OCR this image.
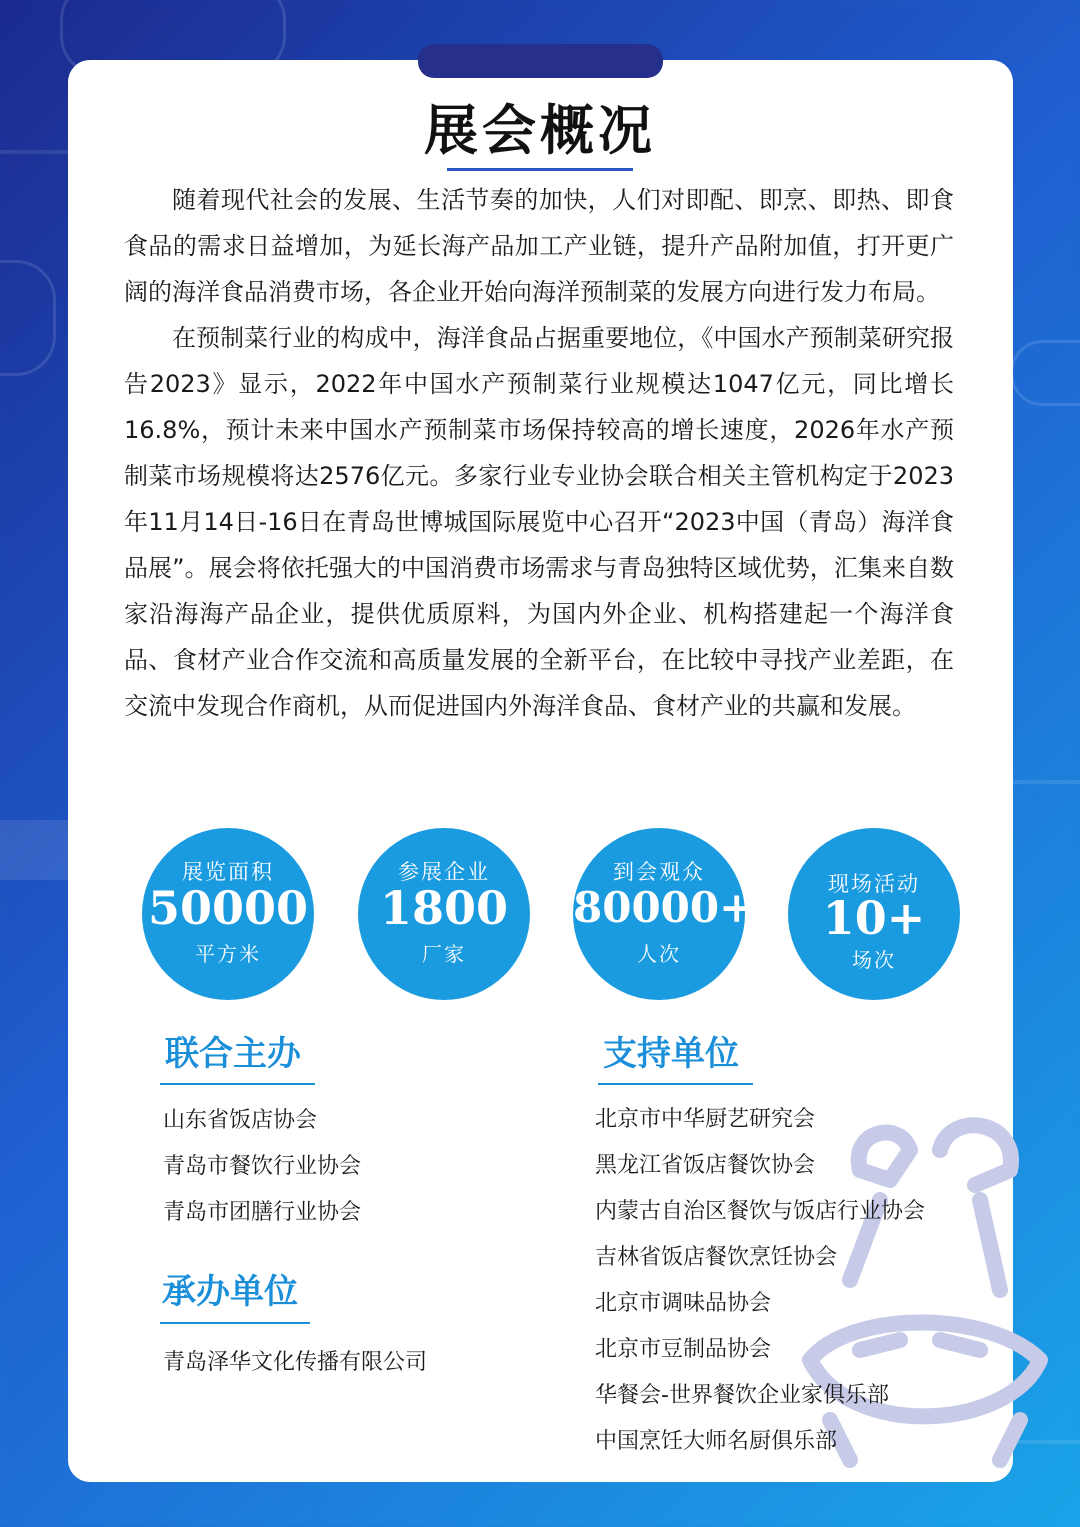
展会概况

随着现代社会的发展、生活节奏的加快，人们对即配、即烹、即热、即食食品的需求日益增加，为延长海产品加工产业链，提升产品附加值，打开更广阔的海洋食品消费市场，各企业开始向海洋预制菜的发展方向进行发力布局。

在预制菜行业的构成中，海洋食品占据重要地位，《中国水产预制菜研究报告2023》显示，2022年中国水产预制菜行业规模达1047亿元，同比增长16.8%，预计未来中国水产预制菜市场保持较高的增长速度，2026年水产预制菜市场规模将达2576亿元。多家行业专业协会联合相关主管机构定于2023年11月14日-16日在青岛世博城国际展览中心召开“2023中国（青岛）海洋食品展”。展会将依托强大的中国消费市场需求与青岛独特区域优势，汇集来自数家沿海海产品企业，提供优质原料，为国内外企业、机构搭建起一个海洋食品、食材产业合作交流和高质量发展的全新平台，在比较中寻找产业差距，在交流中发现合作商机，从而促进国内外海洋食品、食材产业的共赢和发展。

展览面积
50000
平方米
参展企业
1800
厂家
到会观众
80000+
人次
现场活动
10+
场次
联合主办
山东省饭店协会
青岛市餐饮行业协会
青岛市团膳行业协会
承办单位
青岛泽华文化传播有限公司
支持单位
北京市中华厨艺研究会
黑龙江省饭店餐饮协会
内蒙古自治区餐饮与饭店行业协会
吉林省饭店餐饮烹饪协会
北京市调味品协会
北京市豆制品协会
华餐会-世界餐饮企业家俱乐部
中国烹饪大师名厨俱乐部
